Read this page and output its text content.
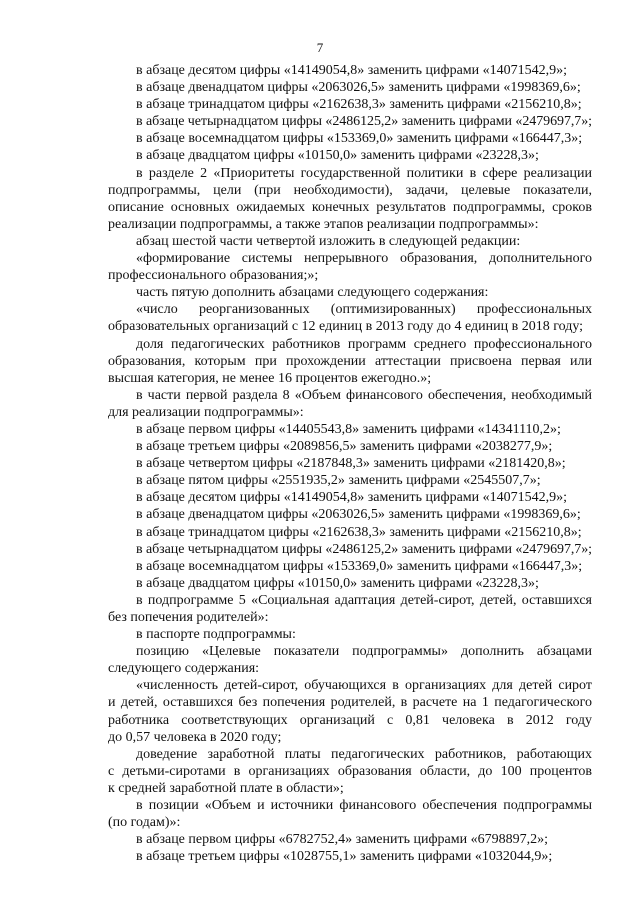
7

в абзаце десятом цифры «14149054,8» заменить цифрами «14071542,9»;

в абзаце двенадцатом цифры «2063026,5» заменить цифрами «1998369,6»;

в абзаце тринадцатом цифры «2162638,3» заменить цифрами «2156210,8»;

в абзаце четырнадцатом цифры «2486125,2» заменить цифрами «2479697,7»;

в абзаце восемнадцатом цифры «153369,0» заменить цифрами «166447,3»;

в абзаце двадцатом цифры «10150,0» заменить цифрами «23228,3»;

в разделе 2 «Приоритеты государственной политики в сфере реализации
подпрограммы, цели (при необходимости), задачи, целевые показатели,
описание основных ожидаемых конечных результатов подпрограммы, сроков
реализации подпрограммы, а также этапов реализации подпрограммы»:

абзац шестой части четвертой изложить в следующей редакции:

«формирование системы непрерывного образования, дополнительного
профессионального образования;»;

часть пятую дополнить абзацами следующего содержания:

«число реорганизованных (оптимизированных) профессиональных
образовательных организаций с 12 единиц в 2013 году до 4 единиц в 2018 году;

доля педагогических работников программ среднего профессионального
образования, которым при прохождении аттестации присвоена первая или
высшая категория, не менее 16 процентов ежегодно.»;

в части первой раздела 8 «Объем финансового обеспечения, необходимый
для реализации подпрограммы»:

в абзаце первом цифры «14405543,8» заменить цифрами «14341110,2»;

в абзаце третьем цифры «2089856,5» заменить цифрами «2038277,9»;

в абзаце четвертом цифры «2187848,3» заменить цифрами «2181420,8»;

в абзаце пятом цифры «2551935,2» заменить цифрами «2545507,7»;

в абзаце десятом цифры «14149054,8» заменить цифрами «14071542,9»;

в абзаце двенадцатом цифры «2063026,5» заменить цифрами «1998369,6»;

в абзаце тринадцатом цифры «2162638,3» заменить цифрами «2156210,8»;

в абзаце четырнадцатом цифры «2486125,2» заменить цифрами «2479697,7»;

в абзаце восемнадцатом цифры «153369,0» заменить цифрами «166447,3»;

в абзаце двадцатом цифры «10150,0» заменить цифрами «23228,3»;

в подпрограмме 5 «Социальная адаптация детей-сирот, детей, оставшихся
без попечения родителей»:

в паспорте подпрограммы:

позицию «Целевые показатели подпрограммы» дополнить абзацами
следующего содержания:

«численность детей-сирот, обучающихся в организациях для детей сирот
и детей, оставшихся без попечения родителей, в расчете на 1 педагогического
работника соответствующих организаций с 0,81 человека в 2012 году
до 0,57 человека в 2020 году;

доведение заработной платы педагогических работников, работающих
с детьми-сиротами в организациях образования области, до 100 процентов
к средней заработной плате в области»;

в позиции «Объем и источники финансового обеспечения подпрограммы
(по годам)»:

в абзаце первом цифры «6782752,4» заменить цифрами «6798897,2»;

в абзаце третьем цифры «1028755,1» заменить цифрами «1032044,9»;
